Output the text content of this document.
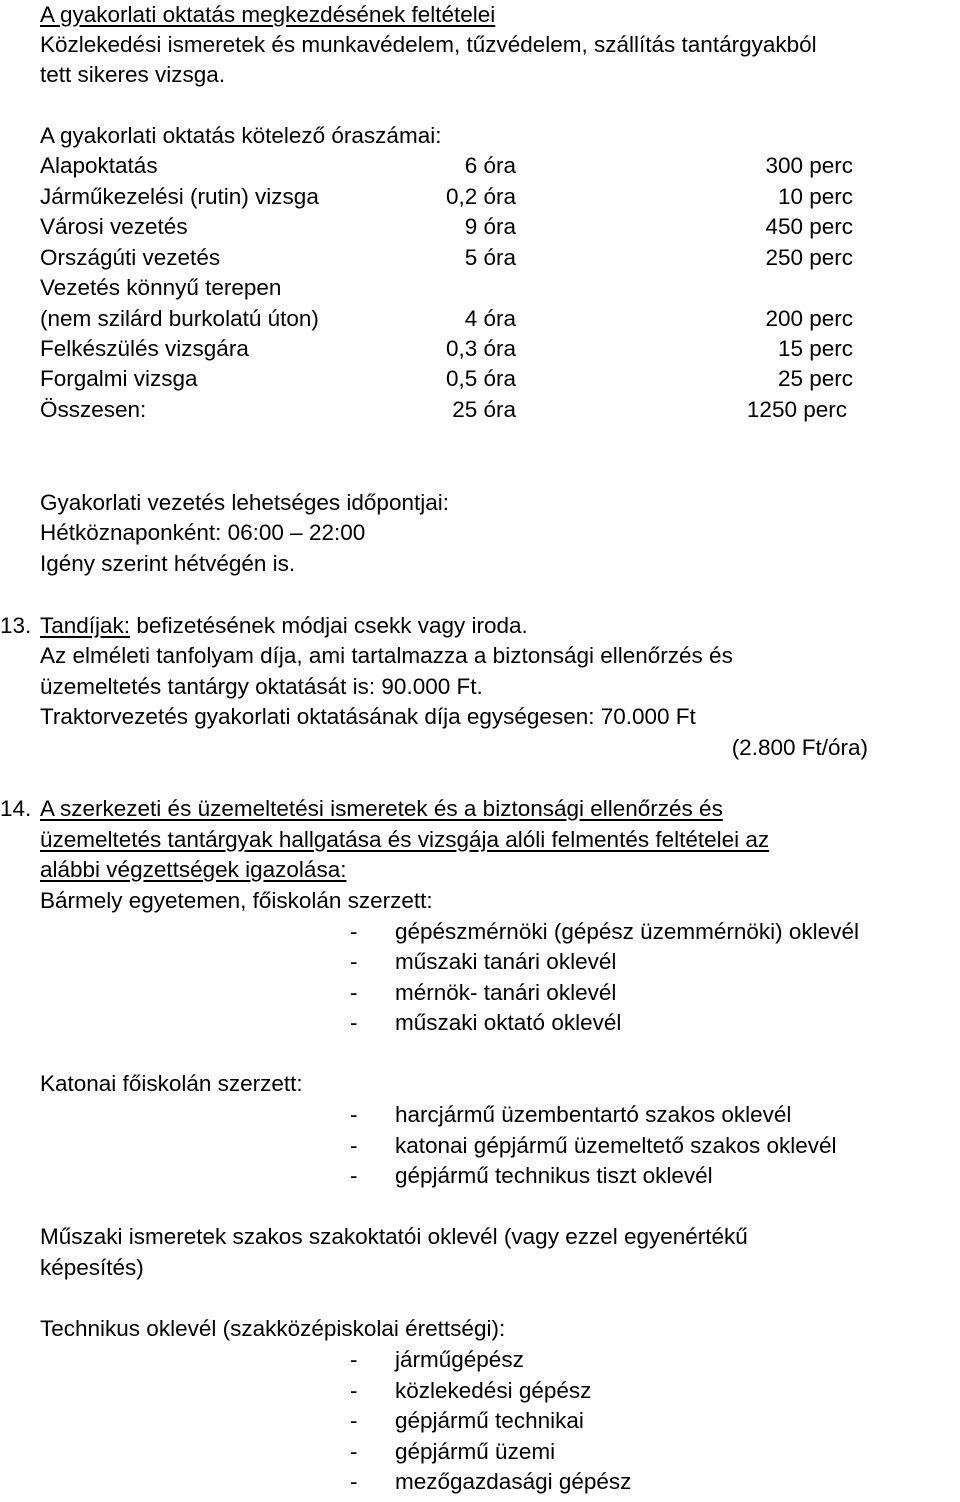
A gyakorlati oktatás megkezdésének feltételei
Közlekedési ismeretek és munkavédelem, tűzvédelem, szállítás tantárgyakból
tett sikeres vizsga.
A gyakorlati oktatás kötelező óraszámai:
Alapoktatás	6 óra	300 perc
Járműkezelési (rutin) vizsga	0,2 óra	10 perc
Városi vezetés	9 óra	450 perc
Országúti vezetés	5 óra	250 perc
Vezetés könnyű terepen
(nem szilárd burkolatú úton)	4 óra	200 perc
Felkészülés vizsgára	0,3 óra	15 perc
Forgalmi vizsga	0,5 óra	25 perc
Összesen:	25 óra	1250 perc
Gyakorlati vezetés lehetséges időpontjai:
Hétköznaponként: 06:00 – 22:00
Igény szerint hétvégén is.
13. Tandíjak: befizetésének módjai csekk vagy iroda.
Az elméleti tanfolyam díja, ami tartalmazza a biztonsági ellenőrzés és
üzemeltetés tantárgy oktatását is: 90.000 Ft.
Traktorvezetés gyakorlati oktatásának díja egységesen: 70.000 Ft
(2.800 Ft/óra)
14. A szerkezeti és üzemeltetési ismeretek és a biztonsági ellenőrzés és
üzemeltetés tantárgyak hallgatása és vizsgája alóli felmentés feltételei az
alábbi végzettségek igazolása:
Bármely egyetemen, főiskolán szerzett:
- gépészmérnöki (gépész üzemmérnöki) oklevél
- műszaki tanári oklevél
- mérnök- tanári oklevél
- műszaki oktató oklevél
Katonai főiskolán szerzett:
- harcjármű üzembentartó szakos oklevél
- katonai gépjármű üzemeltető szakos oklevél
- gépjármű technikus tiszt oklevél
Műszaki ismeretek szakos szakoktatói oklevél (vagy ezzel egyenértékű
képesítés)
Technikus oklevél (szakközépiskolai érettségi):
- járműgépész
- közlekedési gépész
- gépjármű technikai
- gépjármű üzemi
- mezőgazdasági gépész
